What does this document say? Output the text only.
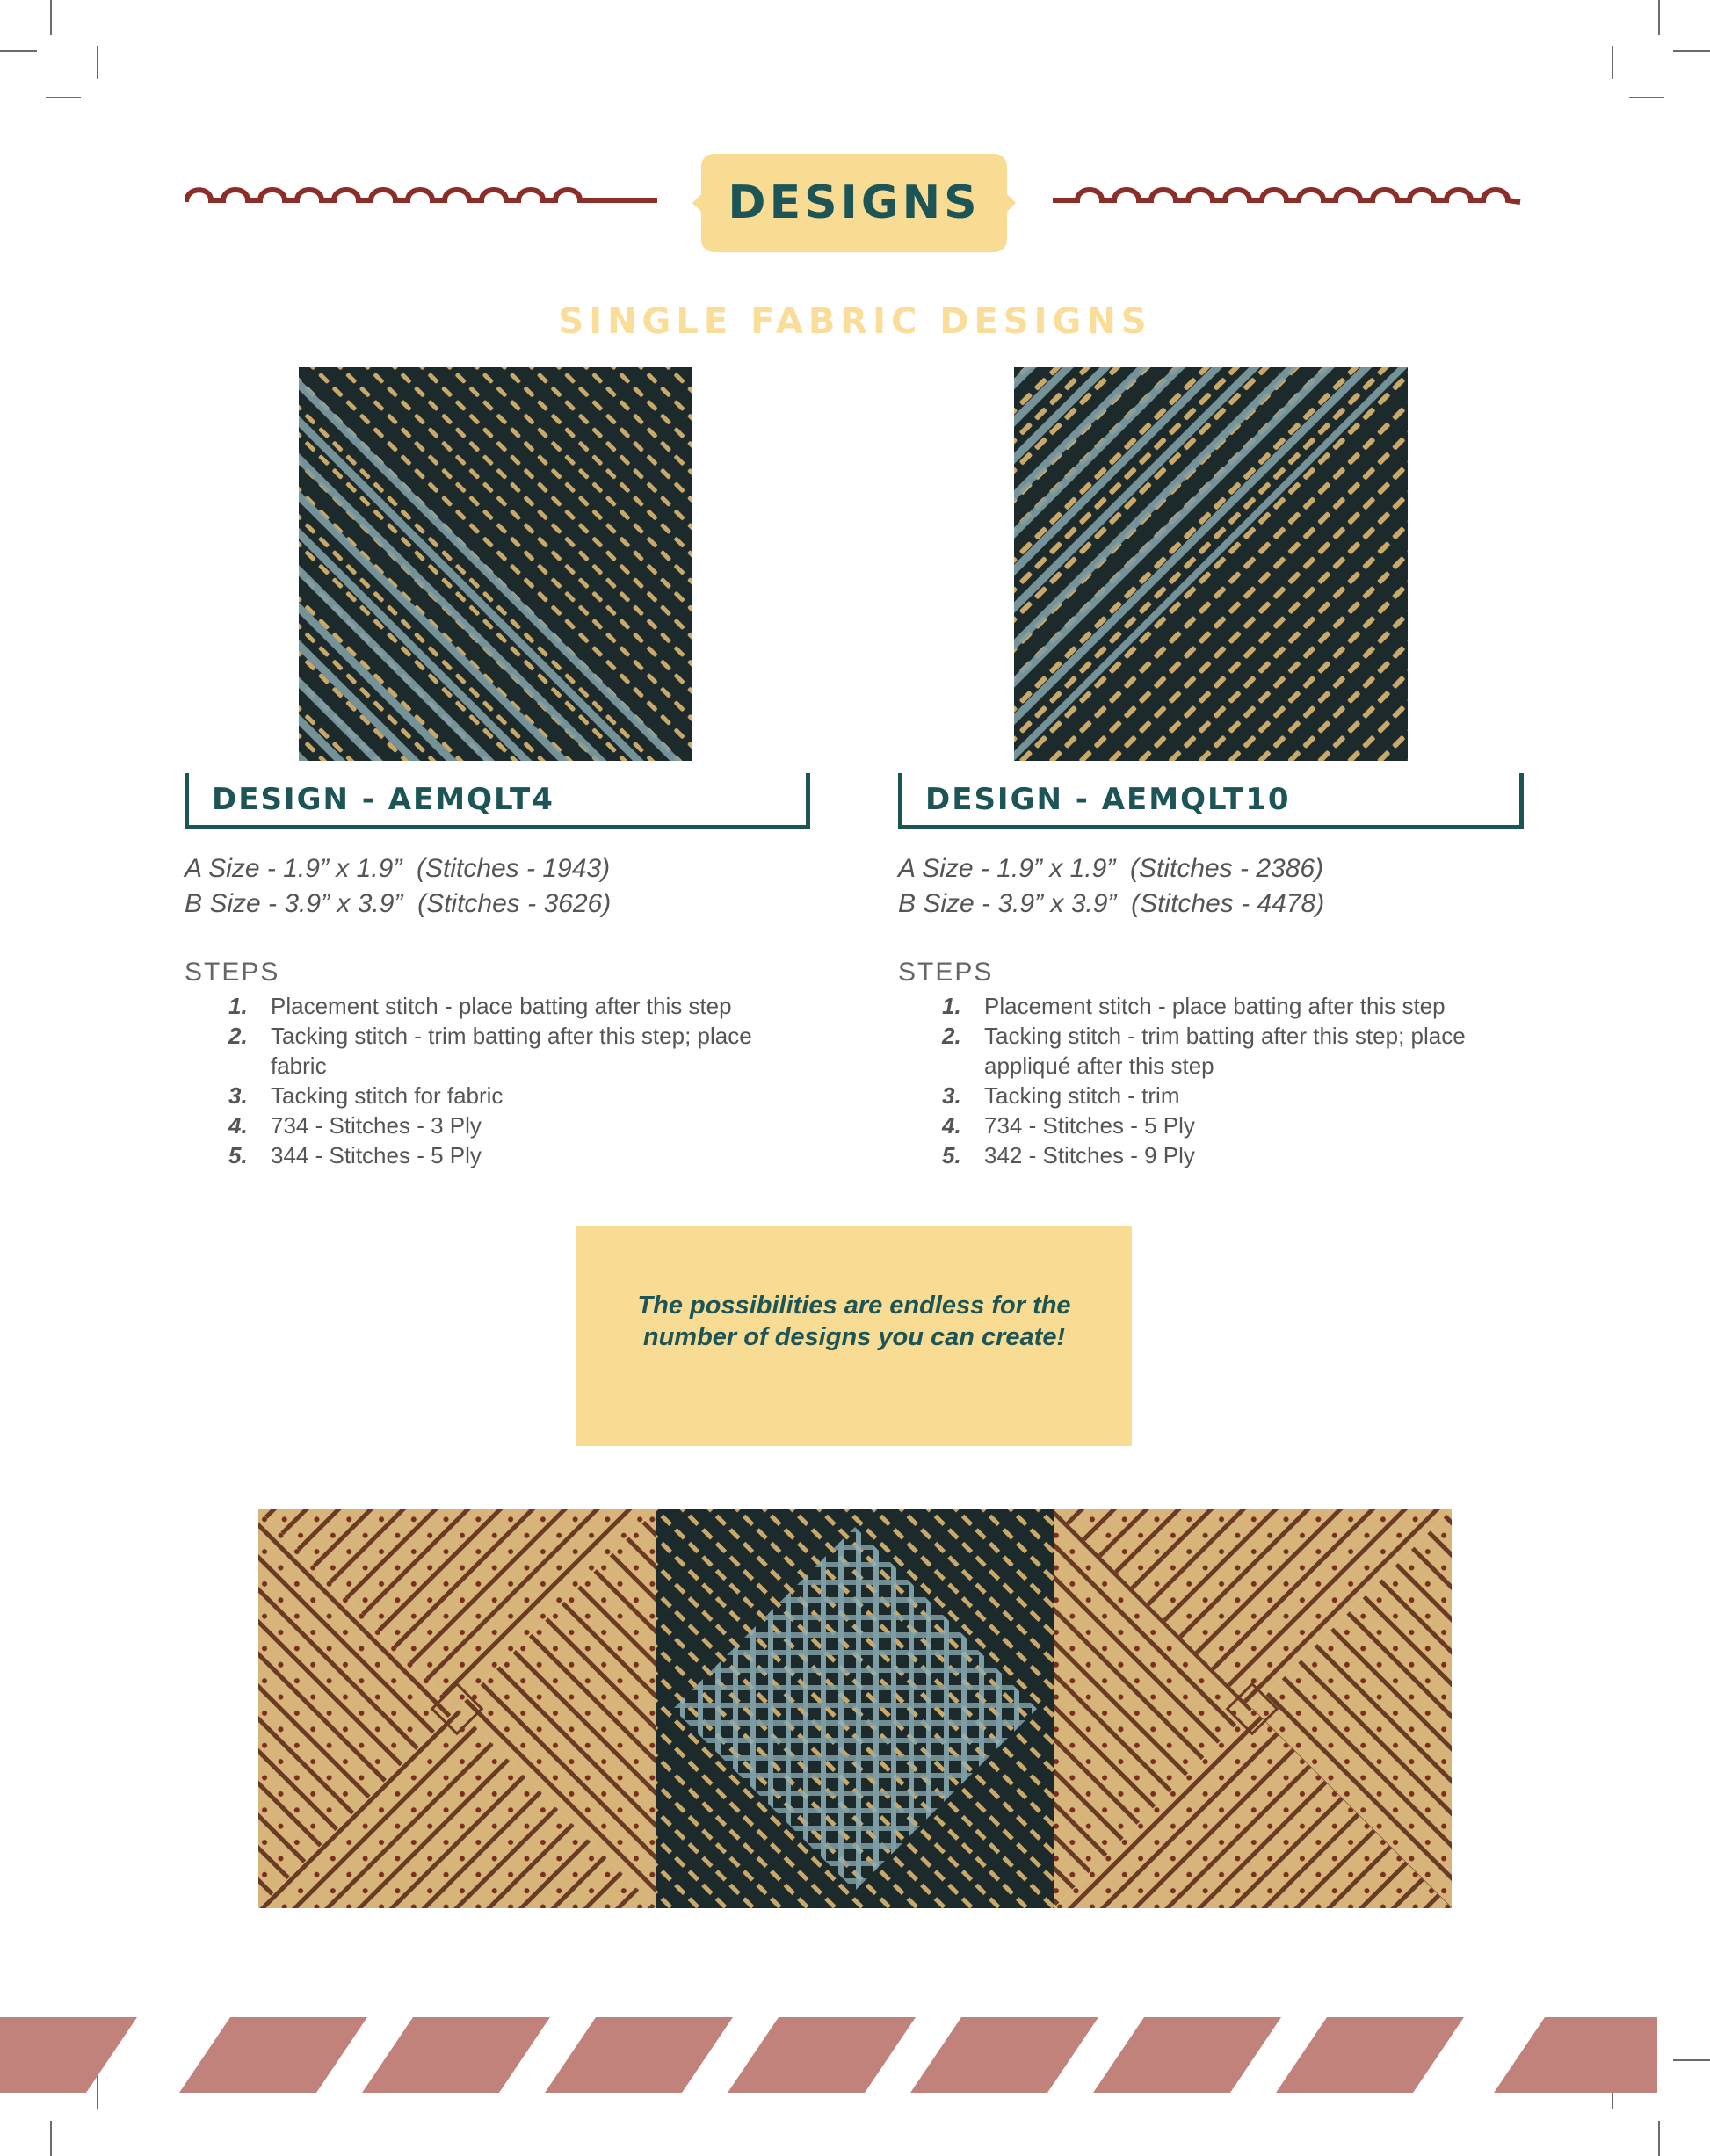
DESIGNS
SINGLE FABRIC DESIGNS
DESIGN - AEMQLT4
A Size - 1.9” x 1.9”  (Stitches - 1943)
B Size - 3.9” x 3.9”  (Stitches - 3626)
STEPS
1. Placement stitch - place batting after this step
2. Tacking stitch - trim batting after this step; place fabric
3. Tacking stitch for fabric
4. 734 - Stitches - 3 Ply
5. 344 - Stitches - 5 Ply
DESIGN - AEMQLT10
A Size - 1.9” x 1.9”  (Stitches - 2386)
B Size - 3.9” x 3.9”  (Stitches - 4478)
STEPS
1. Placement stitch - place batting after this step
2. Tacking stitch - trim batting after this step; place appliqué after this step
3. Tacking stitch - trim
4. 734 - Stitches - 5 Ply
5. 342 - Stitches - 9 Ply
The possibilities are endless for the number of designs you can create!
